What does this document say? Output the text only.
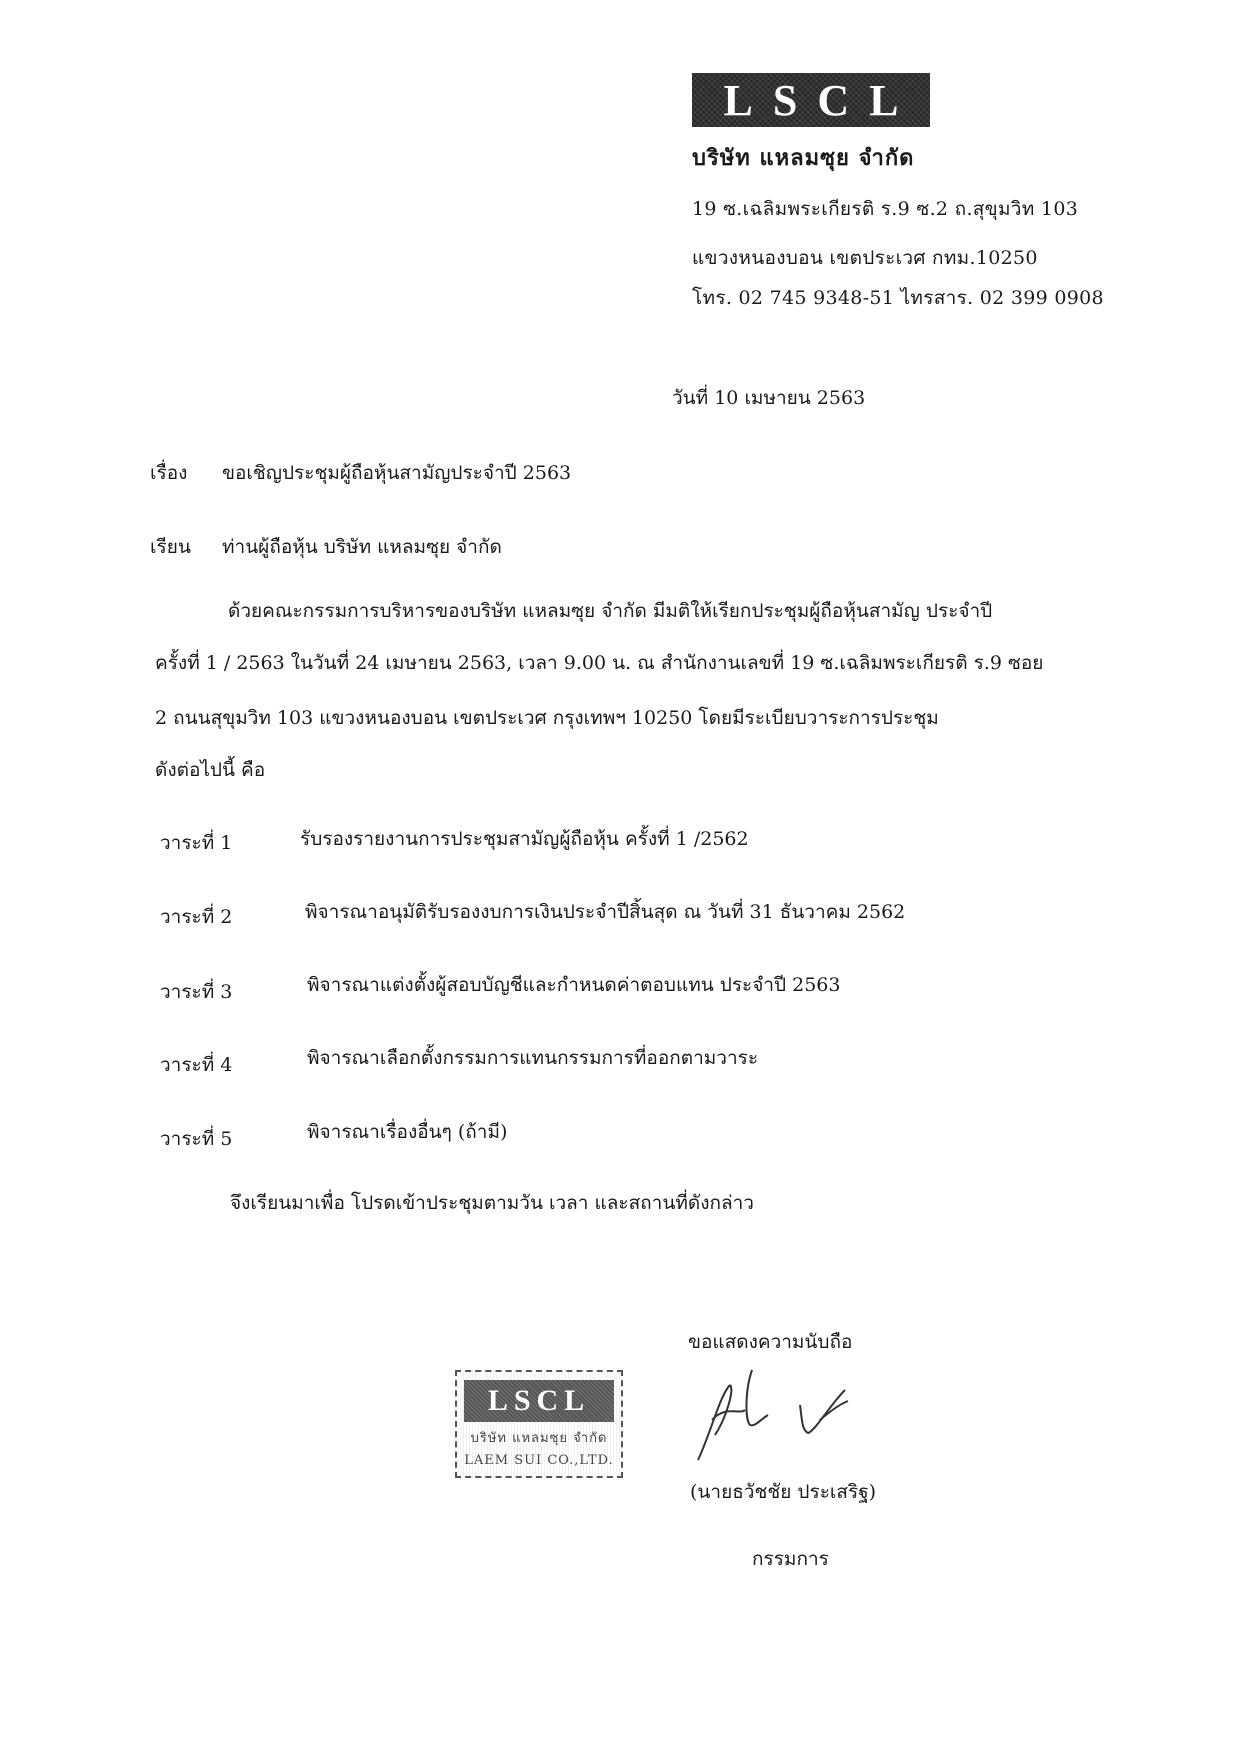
LSCL
บริษัท แหลมซุย จำกัด
19 ซ.เฉลิมพระเกียรติ ร.9 ซ.2 ถ.สุขุมวิท 103
แขวงหนองบอน เขตประเวศ กทม.10250
โทร. 02 745 9348-51 ไทรสาร. 02 399 0908
วันที่ 10 เมษายน 2563
เรื่อง ขอเชิญประชุมผู้ถือหุ้นสามัญประจำปี 2563
เรียน ท่านผู้ถือหุ้น บริษัท แหลมซุย จำกัด
ด้วยคณะกรรมการบริหารของบริษัท แหลมซุย จำกัด มีมติให้เรียกประชุมผู้ถือหุ้นสามัญ ประจำปี
ครั้งที่ 1 / 2563 ในวันที่ 24 เมษายน 2563, เวลา 9.00 น. ณ สำนักงานเลขที่ 19 ซ.เฉลิมพระเกียรติ ร.9 ซอย
2 ถนนสุขุมวิท 103 แขวงหนองบอน เขตประเวศ กรุงเทพฯ 10250 โดยมีระเบียบวาระการประชุม
ดังต่อไปนี้ คือ
วาระที่ 1	รับรองรายงานการประชุมสามัญผู้ถือหุ้น ครั้งที่ 1 /2562
วาระที่ 2	พิจารณาอนุมัติรับรองงบการเงินประจำปีสิ้นสุด ณ วันที่ 31 ธันวาคม 2562
วาระที่ 3	พิจารณาแต่งตั้งผู้สอบบัญชีและกำหนดค่าตอบแทน ประจำปี 2563
วาระที่ 4	พิจารณาเลือกตั้งกรรมการแทนกรรมการที่ออกตามวาระ
วาระที่ 5	พิจารณาเรื่องอื่นๆ (ถ้ามี)
จึงเรียนมาเพื่อ โปรดเข้าประชุมตามวัน เวลา และสถานที่ดังกล่าว
ขอแสดงความนับถือ
LSCL
บริษัท แหลมซุย จำกัด
LAEM SUI CO.,LTD.
(นายธวัชชัย ประเสริฐ)
กรรมการ
